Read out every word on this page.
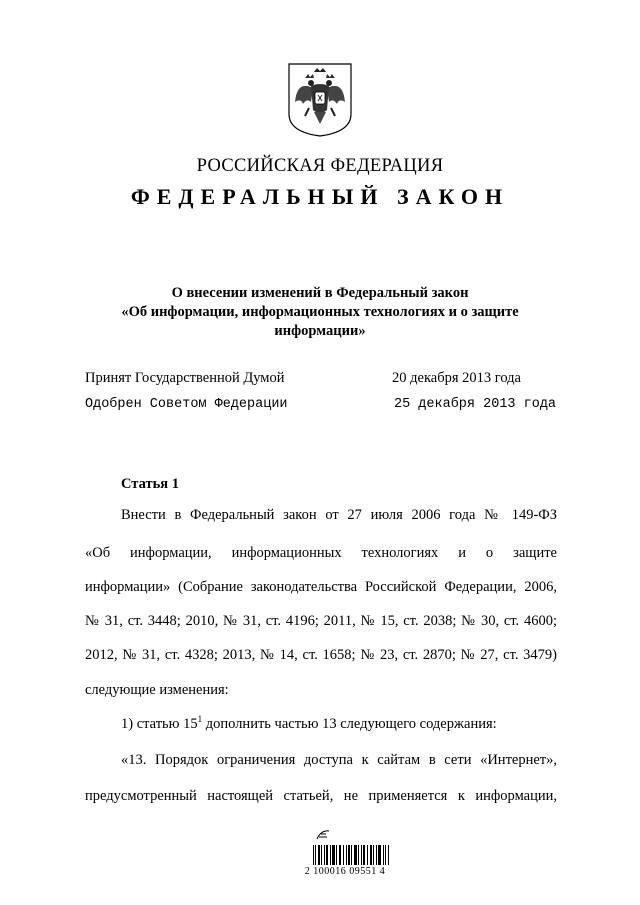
РОССИЙСКАЯ ФЕДЕРАЦИЯ
ФЕДЕРАЛЬНЫЙ ЗАКОН
О внесении изменений в Федеральный закон
«Об информации, информационных технологиях и о защите
информации»
Принят Государственной Думой	20 декабря 2013 года
Одобрен Советом Федерации	25 декабря 2013 года
Статья 1
Внести в Федеральный закон от 27 июля 2006 года № 149-ФЗ
«Об информации, информационных технологиях и о защите
информации» (Собрание законодательства Российской Федерации, 2006,
№ 31, ст. 3448; 2010, № 31, ст. 4196; 2011, № 15, ст. 2038; № 30, ст. 4600;
2012, № 31, ст. 4328; 2013, № 14, ст. 1658; № 23, ст. 2870; № 27, ст. 3479)
следующие изменения:
1) статью $15^1$ дополнить частью 13 следующего содержания:
«13. Порядок ограничения доступа к сайтам в сети «Интернет»,
предусмотренный настоящей статьей, не применяется к информации,
2 100016 09551 4
